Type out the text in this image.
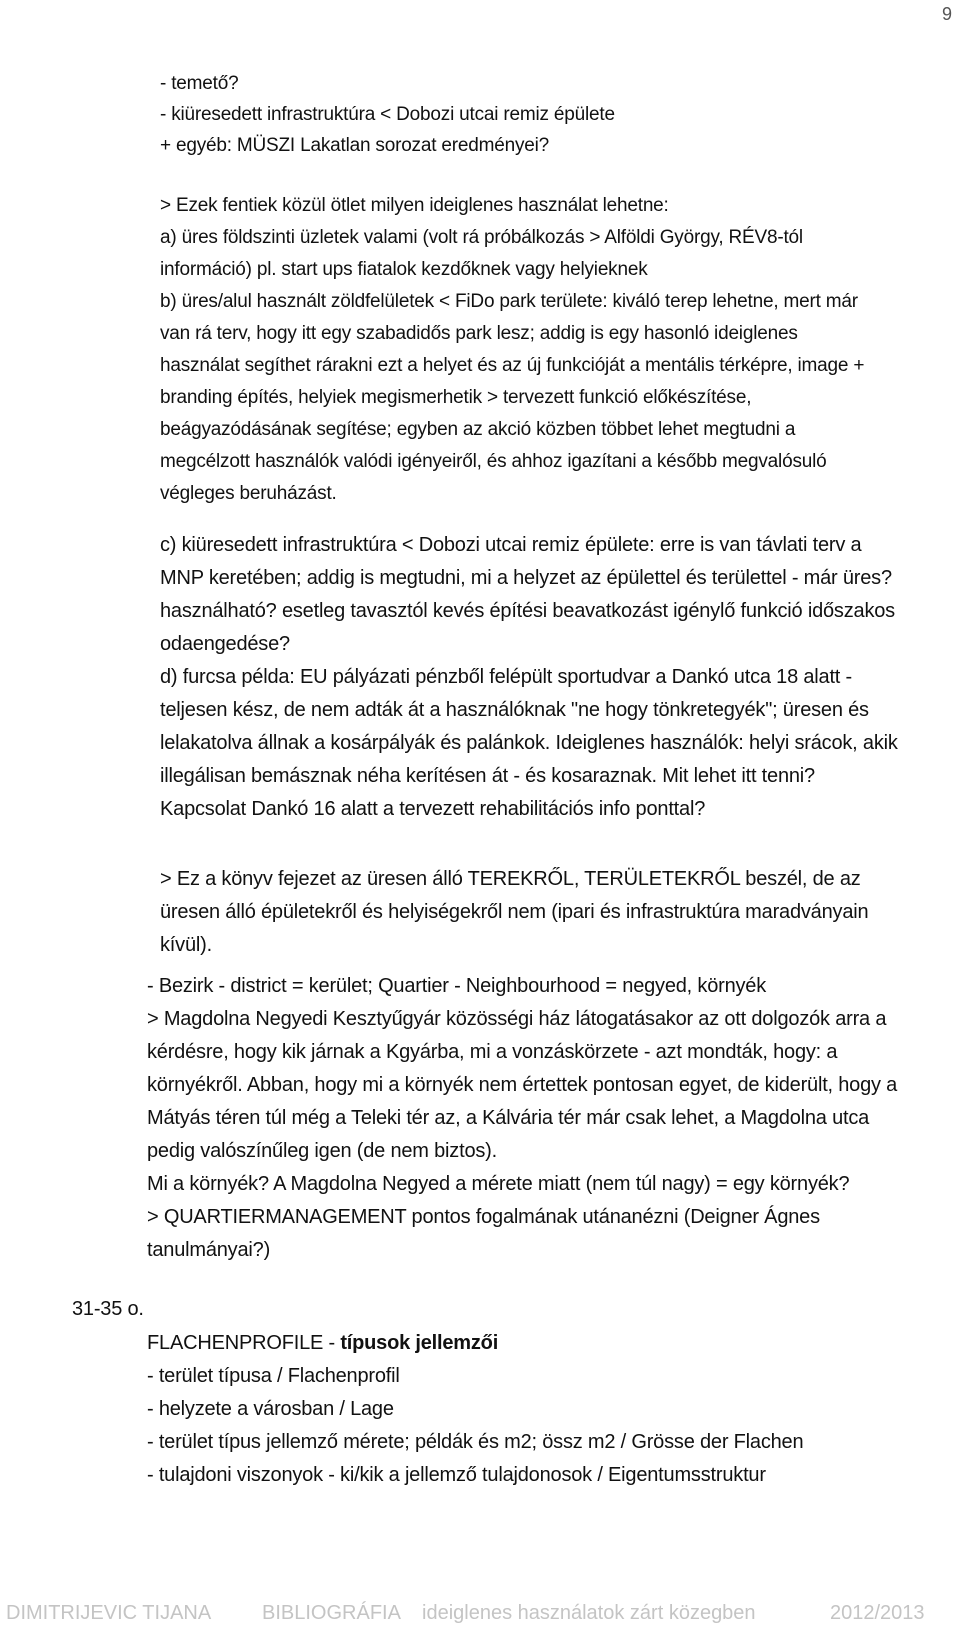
9
- temető?
- kiüresedett infrastruktúra < Dobozi utcai remiz épülete
+ egyéb: MÜSZI Lakatlan sorozat eredményei?
> Ezek fentiek közül ötlet milyen ideiglenes használat lehetne:
a) üres földszinti üzletek valami (volt rá próbálkozás > Alföldi György, RÉV8-tól
információ) pl. start ups fiatalok kezdőknek vagy helyieknek
b) üres/alul használt zöldfelületek < FiDo park területe: kiváló terep lehetne, mert már
van rá terv, hogy itt egy szabadidős park lesz; addig is egy hasonló ideiglenes
használat segíthet rárakni ezt a helyet és az új funkcióját a mentális térképre, image +
branding építés, helyiek megismerhetik > tervezett funkció előkészítése,
beágyazódásának segítése; egyben az akció közben többet lehet megtudni a
megcélzott használók valódi igényeiről, és ahhoz igazítani a később megvalósuló
végleges beruházást.
c) kiüresedett infrastruktúra < Dobozi utcai remiz épülete: erre is van távlati terv a
MNP keretében; addig is megtudni, mi a helyzet az épülettel és területtel - már üres?
használható? esetleg tavasztól kevés építési beavatkozást igénylő funkció időszakos
odaengedése?
d) furcsa példa: EU pályázati pénzből felépült sportudvar a Dankó utca 18 alatt -
teljesen kész, de nem adták át a használóknak "ne hogy tönkretegyék"; üresen és
lelakatolva állnak a kosárpályák és palánkok. Ideiglenes használók: helyi srácok, akik
illegálisan bemásznak néha kerítésen át - és kosaraznak. Mit lehet itt tenni?
Kapcsolat Dankó 16 alatt a tervezett rehabilitációs info ponttal?
> Ez a könyv fejezet az üresen álló TEREKRŐL, TERÜLETEKRŐL beszél, de az
üresen álló épületekről és helyiségekről nem (ipari és infrastruktúra maradványain
kívül).
- Bezirk - district = kerület; Quartier - Neighbourhood = negyed, környék
> Magdolna Negyedi Kesztyűgyár közösségi ház látogatásakor az ott dolgozók arra a
kérdésre, hogy kik járnak a Kgyárba, mi a vonzáskörzete - azt mondták, hogy: a
környékről. Abban, hogy mi a környék nem értettek pontosan egyet, de kiderült, hogy a
Mátyás téren túl még a Teleki tér az, a Kálvária tér már csak lehet, a Magdolna utca
pedig valószínűleg igen (de nem biztos).
Mi a környék? A Magdolna Negyed a mérete miatt (nem túl nagy) = egy környék?
> QUARTIERMANAGEMENT pontos fogalmának utánanézni (Deigner Ágnes
tanulmányai?)
31-35 o.
FLACHENPROFILE - típusok jellemzői
- terület típusa / Flachenprofil
- helyzete a városban / Lage
- terület típus jellemző mérete; példák és m2; össz m2 / Grösse der Flachen
- tulajdoni viszonyok - ki/kik a jellemző tulajdonosok / Eigentumsstruktur
DIMITRIJEVIC TIJANA	BIBLIOGRÁFIA ideiglenes használatok zárt közegben	2012/2013
